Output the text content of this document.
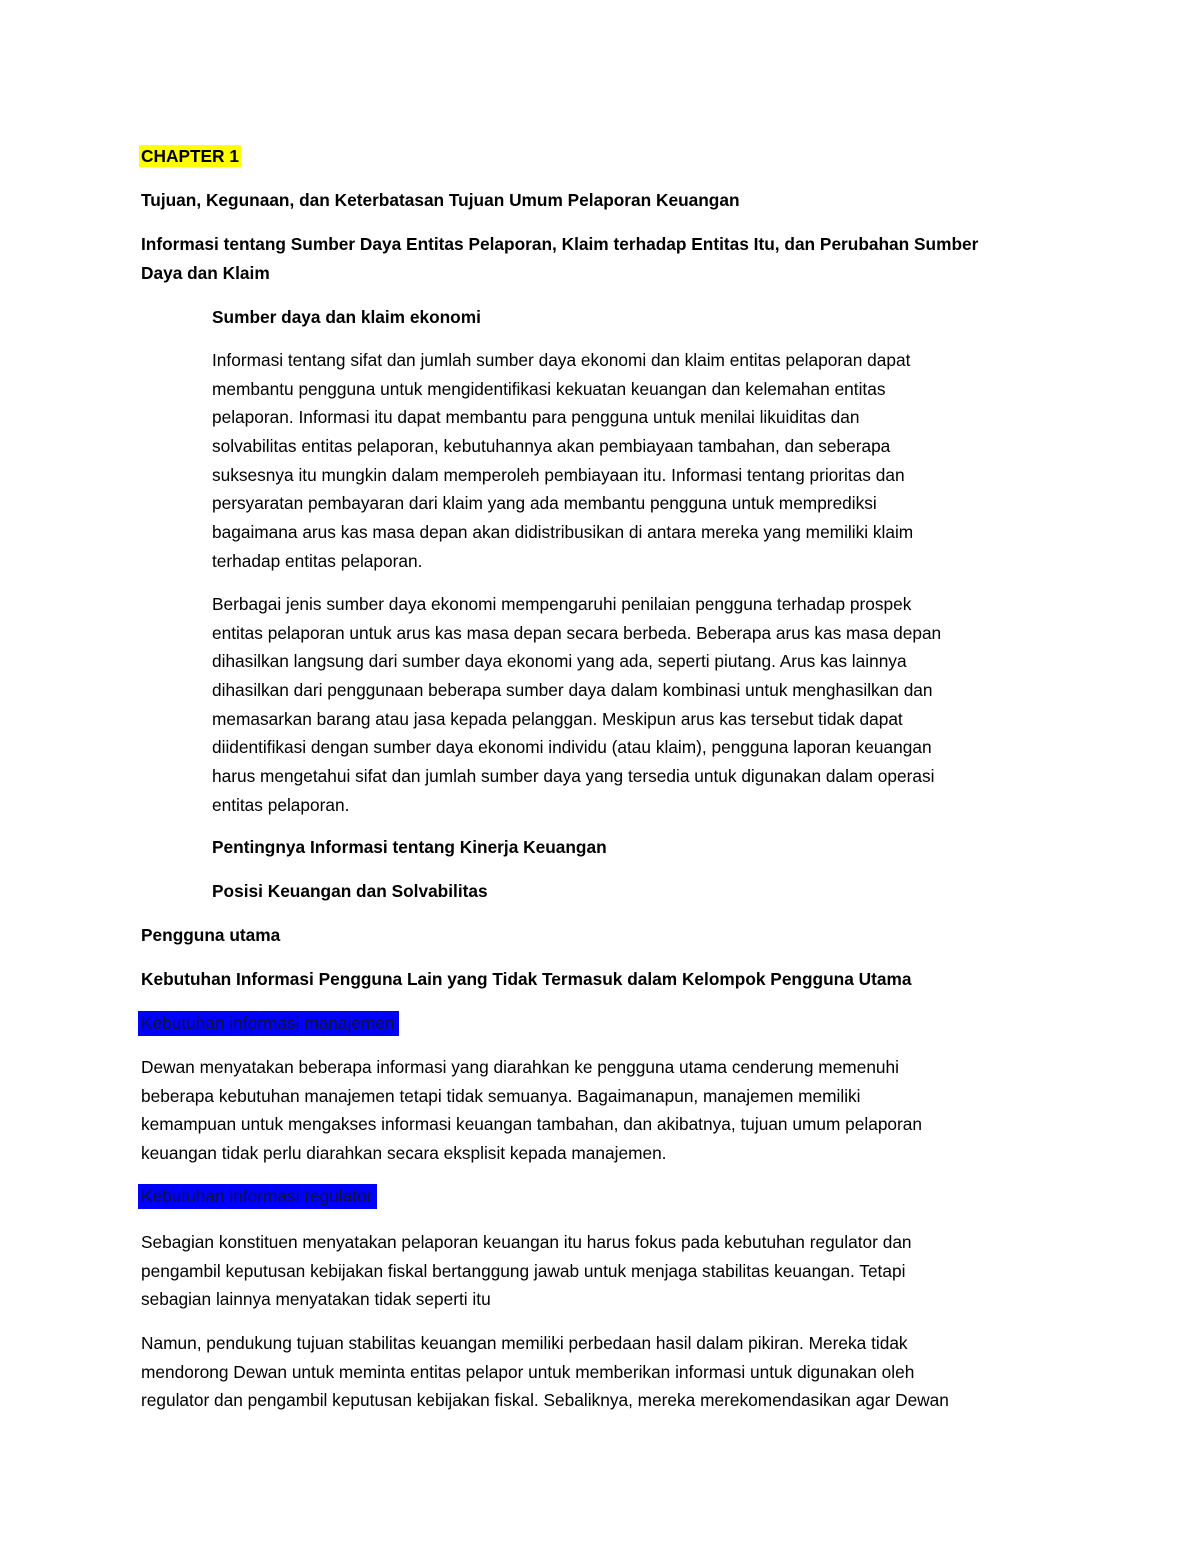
CHAPTER 1

Tujuan, Kegunaan, dan Keterbatasan Tujuan Umum Pelaporan Keuangan

Informasi tentang Sumber Daya Entitas Pelaporan, Klaim terhadap Entitas Itu, dan Perubahan Sumber
Daya dan Klaim

Sumber daya dan klaim ekonomi

Informasi tentang sifat dan jumlah sumber daya ekonomi dan klaim entitas pelaporan dapat
membantu pengguna untuk mengidentifikasi kekuatan keuangan dan kelemahan entitas
pelaporan. Informasi itu dapat membantu para pengguna untuk menilai likuiditas dan
solvabilitas entitas pelaporan, kebutuhannya akan pembiayaan tambahan, dan seberapa
suksesnya itu mungkin dalam memperoleh pembiayaan itu. Informasi tentang prioritas dan
persyaratan pembayaran dari klaim yang ada membantu pengguna untuk memprediksi
bagaimana arus kas masa depan akan didistribusikan di antara mereka yang memiliki klaim
terhadap entitas pelaporan.

Berbagai jenis sumber daya ekonomi mempengaruhi penilaian pengguna terhadap prospek
entitas pelaporan untuk arus kas masa depan secara berbeda. Beberapa arus kas masa depan
dihasilkan langsung dari sumber daya ekonomi yang ada, seperti piutang. Arus kas lainnya
dihasilkan dari penggunaan beberapa sumber daya dalam kombinasi untuk menghasilkan dan
memasarkan barang atau jasa kepada pelanggan. Meskipun arus kas tersebut tidak dapat
diidentifikasi dengan sumber daya ekonomi individu (atau klaim), pengguna laporan keuangan
harus mengetahui sifat dan jumlah sumber daya yang tersedia untuk digunakan dalam operasi
entitas pelaporan.

Pentingnya Informasi tentang Kinerja Keuangan

Posisi Keuangan dan Solvabilitas

Pengguna utama

Kebutuhan Informasi Pengguna Lain yang Tidak Termasuk dalam Kelompok Pengguna Utama

Kebutuhan informasi manajemen

Dewan menyatakan beberapa informasi yang diarahkan ke pengguna utama cenderung memenuhi
beberapa kebutuhan manajemen tetapi tidak semuanya. Bagaimanapun, manajemen memiliki
kemampuan untuk mengakses informasi keuangan tambahan, dan akibatnya, tujuan umum pelaporan
keuangan tidak perlu diarahkan secara eksplisit kepada manajemen.

Kebutuhan informasi regulator

Sebagian konstituen menyatakan pelaporan keuangan itu harus fokus pada kebutuhan regulator dan
pengambil keputusan kebijakan fiskal bertanggung jawab untuk menjaga stabilitas keuangan. Tetapi
sebagian lainnya menyatakan tidak seperti itu

Namun, pendukung tujuan stabilitas keuangan memiliki perbedaan hasil dalam pikiran. Mereka tidak
mendorong Dewan untuk meminta entitas pelapor untuk memberikan informasi untuk digunakan oleh
regulator dan pengambil keputusan kebijakan fiskal. Sebaliknya, mereka merekomendasikan agar Dewan
